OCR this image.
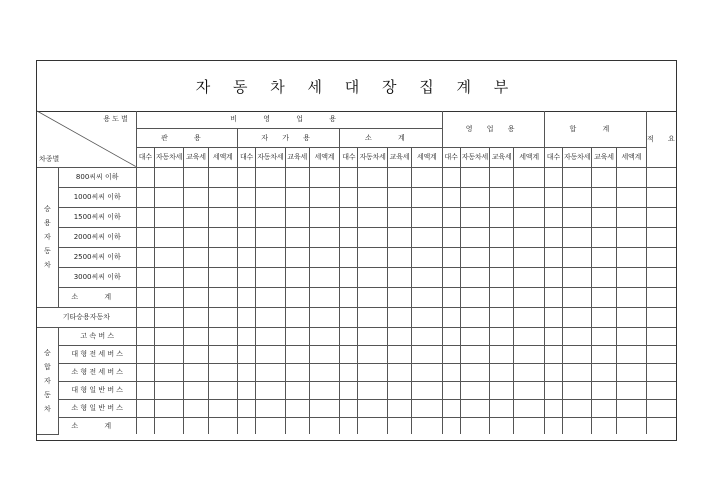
자 동 차 세 대 장 집 계 부
용도별
차종별		비 영 업 용												영 업 용				합 계				적 요
		관 용				자 가 용				소 계												
		대수	자동차세	교육세	세액계	대수	자동차세	교육세	세액계	대수	자동차세	교육세	세액계	대수	자동차세	교육세	세액계	대수	자동차세	교육세	세액계	
승용자동차	800씨씨 이하																					
	1000씨씨 이하																					
	1500씨씨 이하																					
	2000씨씨 이하																					
	2500씨씨 이하																					
	3000씨씨 이하																					
	소 계																					
기타승용자동차																						
승합자동차	고 속 버 스																					
	대 형 전 세 버 스																					
	소 형 전 세 버 스																					
	대 형 일 반 버 스																					
	소 형 일 반 버 스																					
	소 계																					
